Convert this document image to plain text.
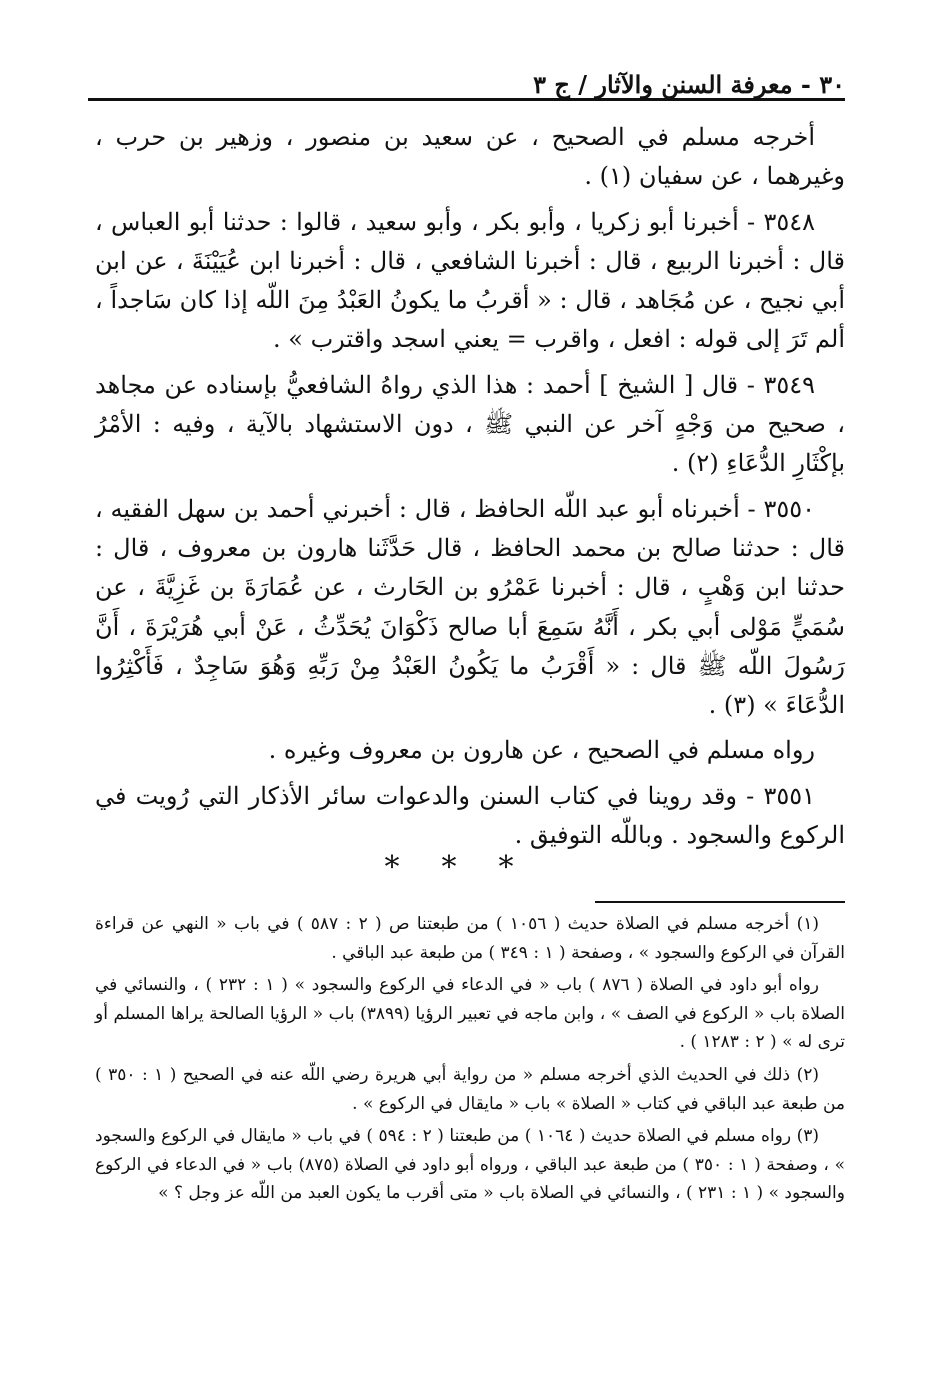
٣٠ - معرفة السنن والآثار / ج ٣

أخرجه مسلم في الصحيح ، عن سعيد بن منصور ، وزهير بن حرب ، وغيرهما ، عن سفيان (١) .

٣٥٤٨ - أخبرنا أبو زكريا ، وأبو بكر ، وأبو سعيد ، قالوا : حدثنا أبو العباس ، قال : أخبرنا الربيع ، قال : أخبرنا الشافعي ، قال : أخبرنا ابن عُيَيْنَةَ ، عن ابن أبي نجيح ، عن مُجَاهد ، قال : « أقربُ ما يكونُ العَبْدُ مِنَ اللّه إذا كان سَاجداً ، ألم تَرَ إلى قوله : افعل ، واقرب = يعني اسجد واقترب » .

٣٥٤٩ - قال [ الشيخ ] أحمد : هذا الذي رواهُ الشافعيُّ بإسناده عن مجاهد ، صحيح من وَجْهٍ آخر عن النبي ﷺ ، دون الاستشهاد بالآية ، وفيه : الأمْرُ بإكْثَارِ الدُّعَاءِ (٢) .

٣٥٥٠ - أخبرناه أبو عبد اللّه الحافظ ، قال : أخبرني أحمد بن سهل الفقيه ، قال : حدثنا صالح بن محمد الحافظ ، قال حَدَّثَنا هارون بن معروف ، قال : حدثنا ابن وَهْبٍ ، قال : أخبرنا عَمْرُو بن الحَارث ، عن عُمَارَةَ بن غَزِيَّةَ ، عن سُمَيٍّ مَوْلى أبي بكر ، أَنَّهُ سَمِعَ أبا صالح ذَكْوَانَ يُحَدِّثُ ، عَنْ أبي هُرَيْرَةَ ، أَنَّ رَسُولَ اللّه ﷺ قال : « أَقْرَبُ ما يَكُونُ العَبْدُ مِنْ رَبِّهِ وَهُوَ سَاجِدٌ ، فَأَكْثِرُوا الدُّعَاءَ » (٣) .

رواه مسلم في الصحيح ، عن هارون بن معروف وغيره .

٣٥٥١ - وقد روينا في كتاب السنن والدعوات سائر الأذكار التي رُويت في الركوع والسجود . وباللّه التوفيق .

***

(١) أخرجه مسلم في الصلاة حديث ( ١٠٥٦ ) من طبعتنا ص ( ٢ : ٥٨٧ ) في باب « النهي عن قراءة القرآن في الركوع والسجود » ، وصفحة ( ١ : ٣٤٩ ) من طبعة عبد الباقي .

رواه أبو داود في الصلاة ( ٨٧٦ ) باب « في الدعاء في الركوع والسجود » ( ١ : ٢٣٢ ) ، والنسائي في الصلاة باب « الركوع في الصف » ، وابن ماجه في تعبير الرؤيا (٣٨٩٩) باب « الرؤيا الصالحة يراها المسلم أو ترى له » ( ٢ : ١٢٨٣ ) .

(٢) ذلك في الحديث الذي أخرجه مسلم « من رواية أبي هريرة رضي اللّه عنه في الصحيح ( ١ : ٣٥٠ ) من طبعة عبد الباقي في كتاب « الصلاة » باب « مايقال في الركوع » .

(٣) رواه مسلم في الصلاة حديث ( ١٠٦٤ ) من طبعتنا ( ٢ : ٥٩٤ ) في باب « مايقال في الركوع والسجود » ، وصفحة ( ١ : ٣٥٠ ) من طبعة عبد الباقي ، ورواه أبو داود في الصلاة (٨٧٥) باب « في الدعاء في الركوع والسجود » ( ١ : ٢٣١ ) ، والنسائي في الصلاة باب « متى أقرب ما يكون العبد من اللّه عز وجل ؟ »
